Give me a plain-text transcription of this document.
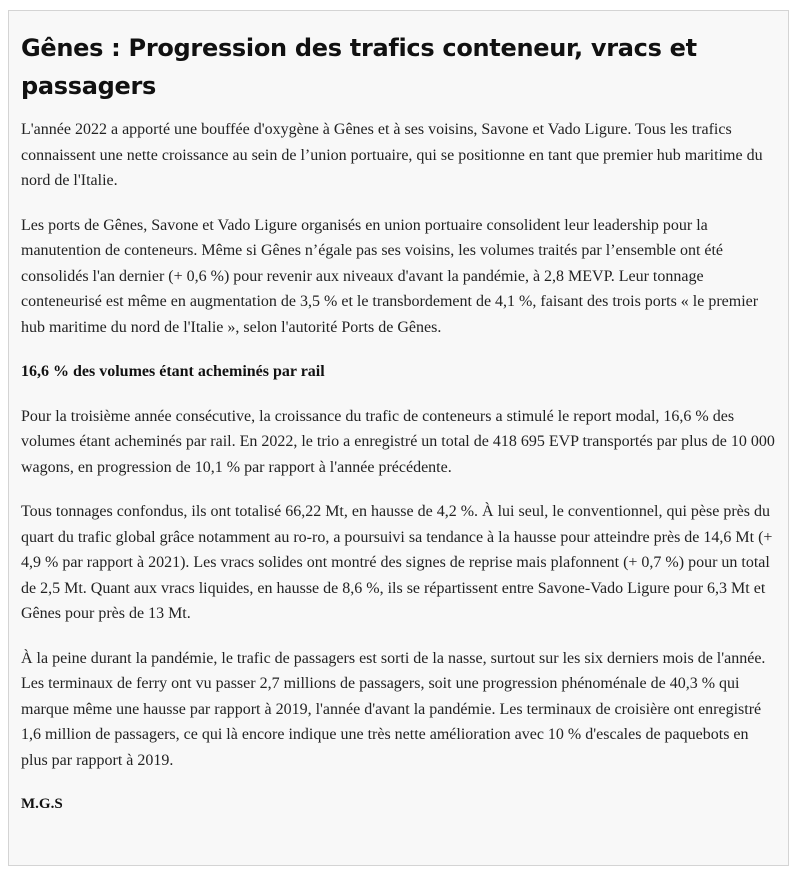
Gênes : Progression des trafics conteneur, vracs et passagers

L'année 2022 a apporté une bouffée d'oxygène à Gênes et à ses voisins, Savone et Vado Ligure. Tous les trafics connaissent une nette croissance au sein de l’union portuaire, qui se positionne en tant que premier hub maritime du nord de l'Italie.

Les ports de Gênes, Savone et Vado Ligure organisés en union portuaire consolident leur leadership pour la manutention de conteneurs. Même si Gênes n’égale pas ses voisins, les volumes traités par l’ensemble ont été consolidés l'an dernier (+ 0,6 %) pour revenir aux niveaux d'avant la pandémie, à 2,8 MEVP. Leur tonnage conteneurisé est même en augmentation de 3,5 % et le transbordement de 4,1 %, faisant des trois ports « le premier hub maritime du nord de l'Italie », selon l'autorité Ports de Gênes.

16,6 % des volumes étant acheminés par rail

Pour la troisième année consécutive, la croissance du trafic de conteneurs a stimulé le report modal, 16,6 % des volumes étant acheminés par rail. En 2022, le trio a enregistré un total de 418 695 EVP transportés par plus de 10 000 wagons, en progression de 10,1 % par rapport à l'année précédente.

Tous tonnages confondus, ils ont totalisé 66,22 Mt, en hausse de 4,2 %. À lui seul, le conventionnel, qui pèse près du quart du trafic global grâce notamment au ro-ro, a poursuivi sa tendance à la hausse pour atteindre près de 14,6 Mt (+ 4,9 % par rapport à 2021). Les vracs solides ont montré des signes de reprise mais plafonnent (+ 0,7 %) pour un total de 2,5 Mt. Quant aux vracs liquides, en hausse de 8,6 %, ils se répartissent entre Savone-Vado Ligure pour 6,3 Mt et Gênes pour près de 13 Mt.

À la peine durant la pandémie, le trafic de passagers est sorti de la nasse, surtout sur les six derniers mois de l'année. Les terminaux de ferry ont vu passer 2,7 millions de passagers, soit une progression phénoménale de 40,3 % qui marque même une hausse par rapport à 2019, l'année d'avant la pandémie. Les terminaux de croisière ont enregistré 1,6 million de passagers, ce qui là encore indique une très nette amélioration avec 10 % d'escales de paquebots en plus par rapport à 2019.

M.G.S
